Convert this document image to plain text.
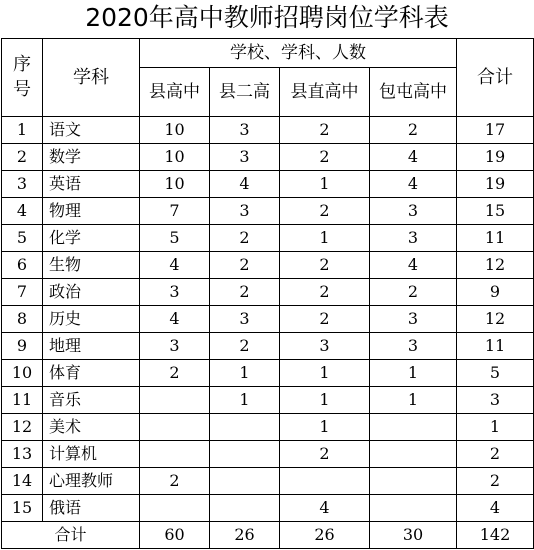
2020年高中教师招聘岗位学科表
序
号	学科	学校、学科、人数				合计
		县高中	县二高	县直高中	包屯高中	
1	语文	10	3	2	2	17
2	数学	10	3	2	4	19
3	英语	10	4	1	4	19
4	物理	7	3	2	3	15
5	化学	5	2	1	3	11
6	生物	4	2	2	4	12
7	政治	3	2	2	2	9
8	历史	4	3	2	3	12
9	地理	3	2	3	3	11
10	体育	2	1	1	1	5
11	音乐		1	1	1	3
12	美术			1		1
13	计算机			2		2
14	心理教师	2				2
15	俄语			4		4
合计		60	26	26	30	142
